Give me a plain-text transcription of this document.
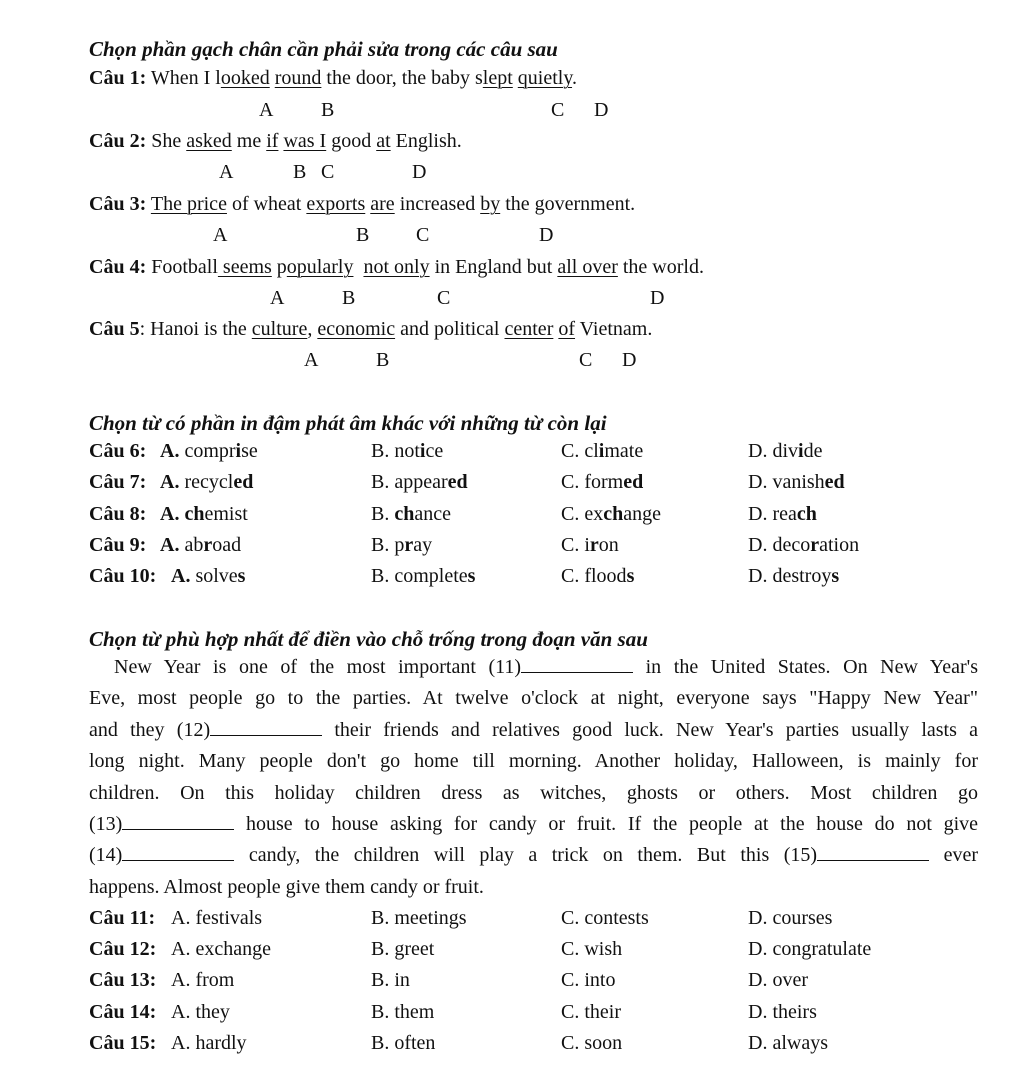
Chọn phần gạch chân cần phải sửa trong các câu sau
Câu 1: When I looked round the door, the baby slept quietly.
A B	C D
Câu 2: She asked me if was I good at English.
A	B C	D
Câu 3: The price of wheat exports are increased by the government.
A	B C	D
Câu 4: Football seems popularly not only in England but all over the world.
A	B	C	D
Câu 5: Hanoi is the culture, economic and political center of Vietnam.
A	B	C D
Chọn từ có phần in đậm phát âm khác với những từ còn lại
Câu 6: A. comprise	B. notice	C. climate	D. divide
Câu 7: A. recycled	B. appeared	C. formed	D. vanished
Câu 8: A. chemist	B. chance	C. exchange	D. reach
Câu 9: A. abroad	B. pray	C. iron	D. decoration
Câu 10: A. solves	B. completes	C. floods	D. destroys
Chọn từ phù hợp nhất để điền vào chỗ trống trong đoạn văn sau
New Year is one of the most important (11)	in the United States. On New Year's
Eve, most people go to the parties. At twelve o'clock at night, everyone says "Happy New Year"
and they (12)	their friends and relatives good luck. New Year's parties usually lasts a
long night. Many people don't go home till morning. Another holiday, Halloween, is mainly for
children. On this holiday children dress as witches, ghosts or others. Most children go
(13)	house to house asking for candy or fruit. If the people at the house do not give
(14)	candy, the children will play a trick on them. But this (15)	ever
happens. Almost people give them candy or fruit.
Câu 11: A. festivals	B. meetings	C. contests	D. courses
Câu 12: A. exchange	B. greet	C. wish	D. congratulate
Câu 13: A. from	B. in	C. into	D. over
Câu 14: A. they	B. them	C. their	D. theirs
Câu 15: A. hardly	B. often	C. soon	D. always
